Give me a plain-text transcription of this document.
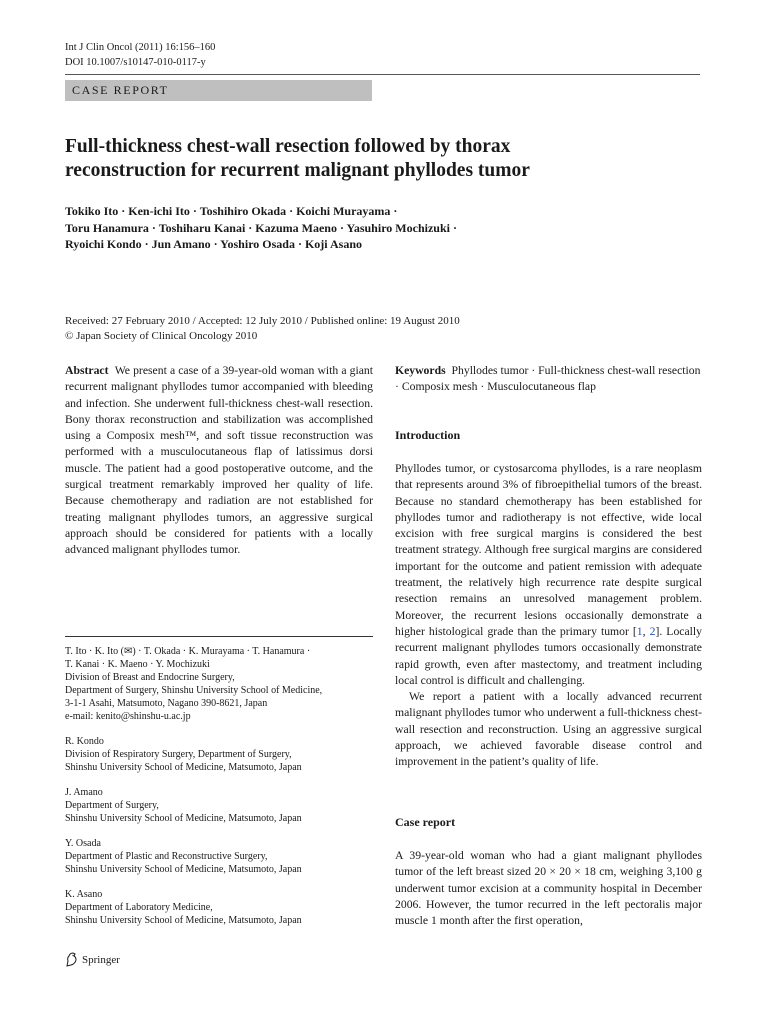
Int J Clin Oncol (2011) 16:156–160
DOI 10.1007/s10147-010-0117-y
CASE REPORT
Full-thickness chest-wall resection followed by thorax
reconstruction for recurrent malignant phyllodes tumor
Tokiko Ito · Ken-ichi Ito · Toshihiro Okada · Koichi Murayama ·
Toru Hanamura · Toshiharu Kanai · Kazuma Maeno · Yasuhiro Mochizuki ·
Ryoichi Kondo · Jun Amano · Yoshiro Osada · Koji Asano
Received: 27 February 2010 / Accepted: 12 July 2010 / Published online: 19 August 2010
© Japan Society of Clinical Oncology 2010
Abstract We present a case of a 39-year-old woman with a giant recurrent malignant phyllodes tumor accompanied with bleeding and infection. She underwent full-thickness chest-wall resection. Bony thorax reconstruction and stabilization was accomplished using a Composix mesh™, and soft tissue reconstruction was performed with a musculocutaneous flap of latissimus dorsi muscle. The patient had a good postoperative outcome, and the surgical treatment remarkably improved her quality of life. Because chemotherapy and radiation are not established for treating malignant phyllodes tumors, an aggressive surgical approach should be considered for patients with a locally advanced malignant phyllodes tumor.
T. Ito · K. Ito (✉) · T. Okada · K. Murayama · T. Hanamura ·
T. Kanai · K. Maeno · Y. Mochizuki
Division of Breast and Endocrine Surgery,
Department of Surgery, Shinshu University School of Medicine,
3-1-1 Asahi, Matsumoto, Nagano 390-8621, Japan
e-mail: kenito@shinshu-u.ac.jp
R. Kondo
Division of Respiratory Surgery, Department of Surgery,
Shinshu University School of Medicine, Matsumoto, Japan
J. Amano
Department of Surgery,
Shinshu University School of Medicine, Matsumoto, Japan
Y. Osada
Department of Plastic and Reconstructive Surgery,
Shinshu University School of Medicine, Matsumoto, Japan
K. Asano
Department of Laboratory Medicine,
Shinshu University School of Medicine, Matsumoto, Japan
Springer
Keywords Phyllodes tumor · Full-thickness chest-wall resection · Composix mesh · Musculocutaneous flap
Introduction

Phyllodes tumor, or cystosarcoma phyllodes, is a rare neoplasm that represents around 3% of fibroepithelial tumors of the breast. Because no standard chemotherapy has been established for phyllodes tumor and radiotherapy is not effective, wide local excision with free surgical margins is considered the best treatment strategy. Although free surgical margins are considered important for the outcome and patient remission with adequate treatment, the relatively high recurrence rate despite surgical resection remains an unresolved management problem. Moreover, the recurrent lesions occasionally demonstrate a higher histological grade than the primary tumor [1, 2]. Locally recurrent malignant phyllodes tumors occasionally demonstrate rapid growth, even after mastectomy, and treatment including local control is difficult and challenging.

We report a patient with a locally advanced recurrent malignant phyllodes tumor who underwent a full-thickness chest-wall resection and reconstruction. Using an aggressive surgical approach, we achieved favorable disease control and improvement in the patient’s quality of life.

Case report

A 39-year-old woman who had a giant malignant phyllodes tumor of the left breast sized 20 × 20 × 18 cm, weighing 3,100 g underwent tumor excision at a community hospital in December 2006. However, the tumor recurred in the left pectoralis major muscle 1 month after the first operation,
